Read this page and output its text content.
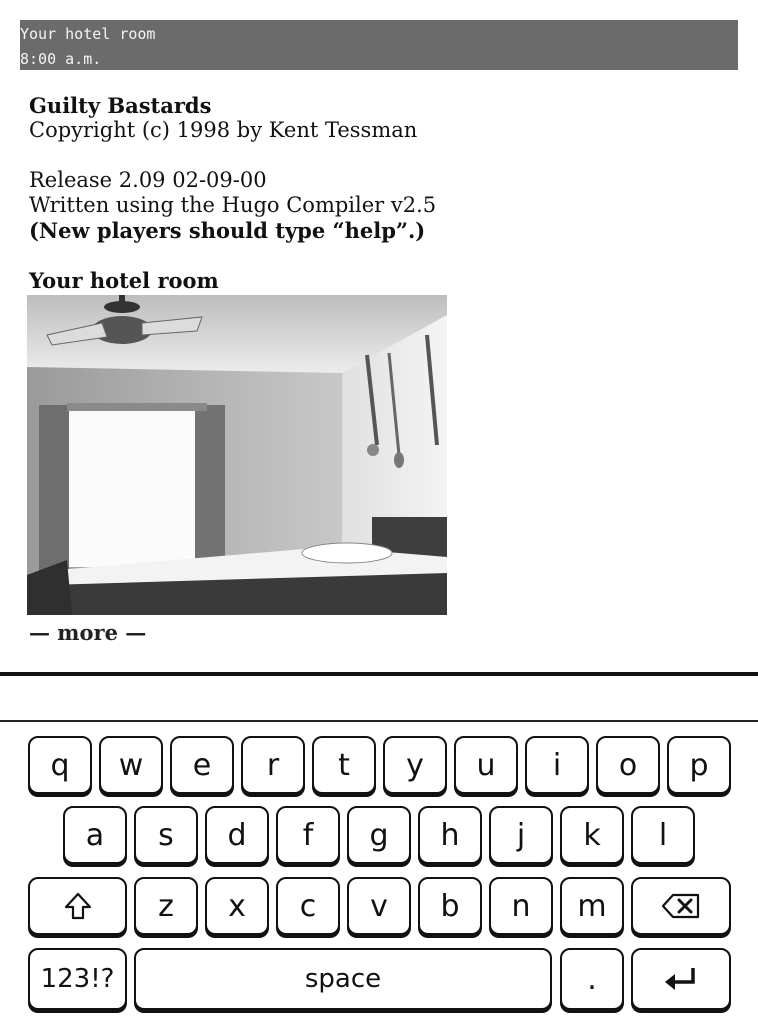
Your hotel room
8:00 a.m.
Guilty Bastards
Copyright (c) 1998 by Kent Tessman
Release 2.09 02-09-00
Written using the Hugo Compiler v2.5
(New players should type “help”.)
Your hotel room
— more —
q	w	e	r	t	y	u	i	o	p
a	s	d	f	g	h	j	k	l
z	x	c	v	b	n	m
123!?	space	.
